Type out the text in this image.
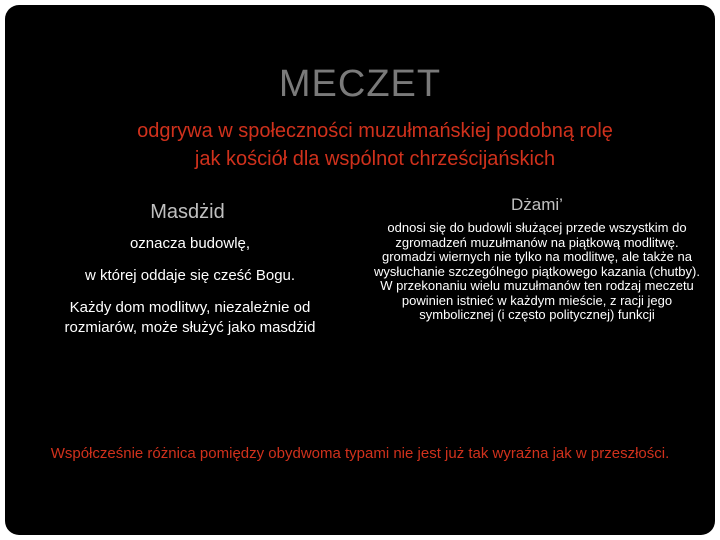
MECZET
odgrywa w społeczności muzułmańskiej podobną rolę
jak kościół dla wspólnot chrześcijańskich
Masdżid

oznacza budowlę,

w której oddaje się cześć Bogu.

Każdy dom modlitwy, niezależnie od rozmiarów, może służyć jako masdżid

Dżami’

odnosi się do budowli służącej przede wszystkim do zgromadzeń muzułmanów na piątkową modlitwę. gromadzi wiernych nie tylko na modlitwę, ale także na wysłuchanie szczególnego piątkowego kazania (chutby). W przekonaniu wielu muzułmanów ten rodzaj meczetu powinien istnieć w każdym mieście, z racji jego symbolicznej (i często politycznej) funkcji

Współcześnie różnica pomiędzy obydwoma typami nie jest już tak wyraźna jak w przeszłości.
